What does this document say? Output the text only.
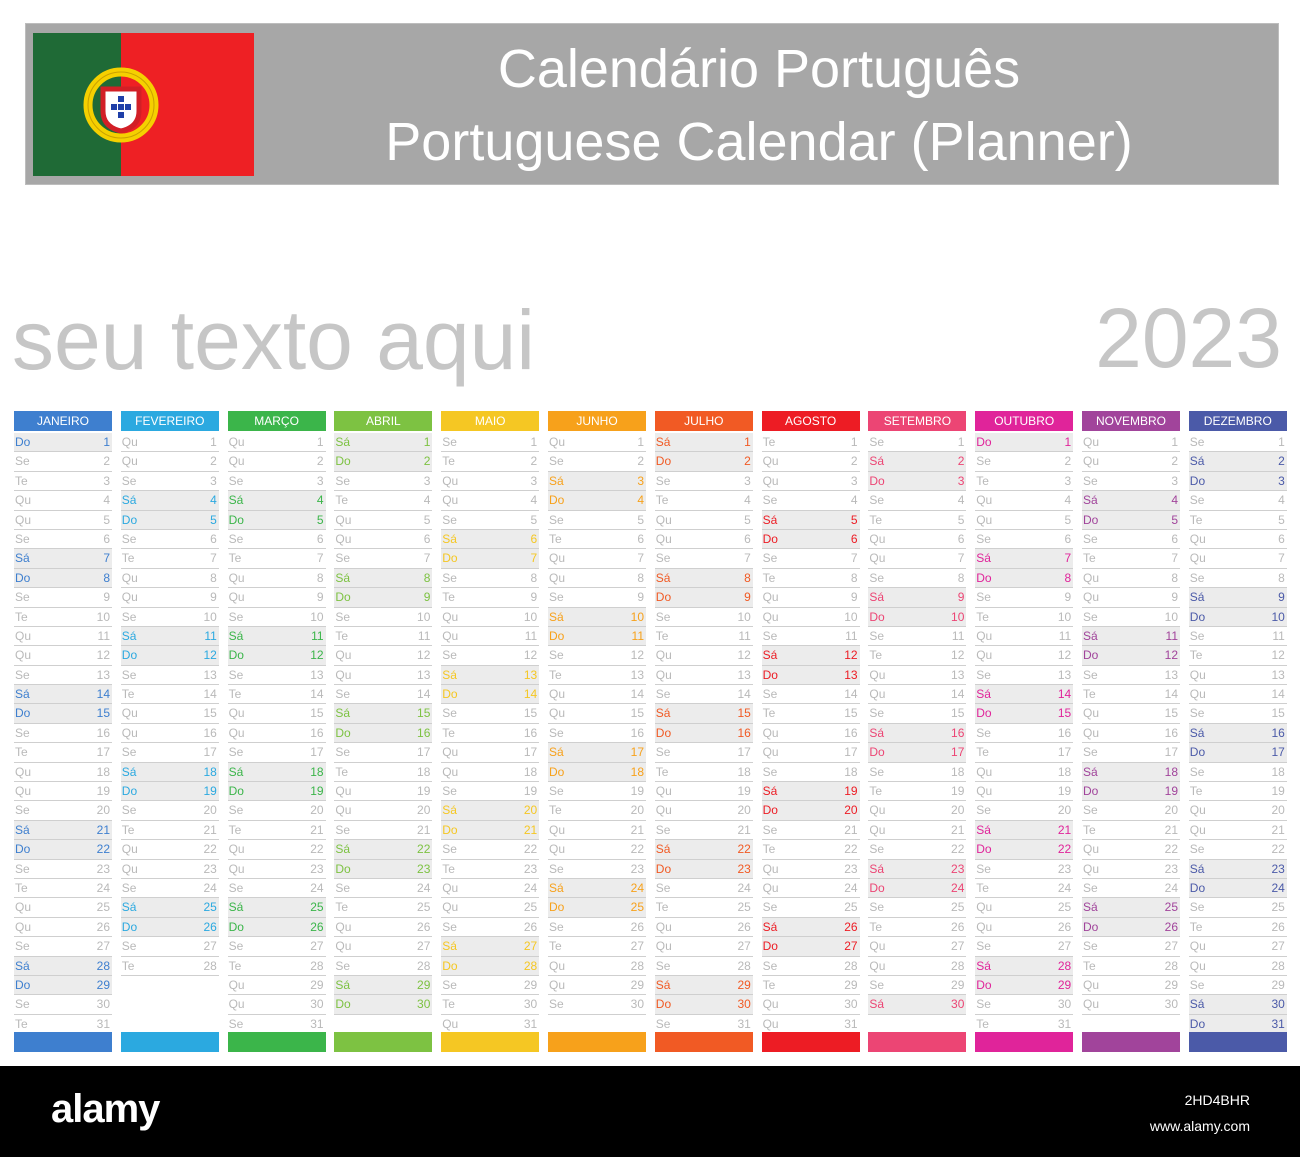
Calendário Português
Portuguese Calendar (Planner)
seu texto aqui	2023
JANEIRO
Do	1
Se	2
Te	3
Qu	4
Qu	5
Se	6
Sá	7
Do	8
Se	9
Te	10
Qu	11
Qu	12
Se	13
Sá	14
Do	15
Se	16
Te	17
Qu	18
Qu	19
Se	20
Sá	21
Do	22
Se	23
Te	24
Qu	25
Qu	26
Se	27
Sá	28
Do	29
Se	30
Te	31
FEVEREIRO
Qu	1
Qu	2
Se	3
Sá	4
Do	5
Se	6
Te	7
Qu	8
Qu	9
Se	10
Sá	11
Do	12
Se	13
Te	14
Qu	15
Qu	16
Se	17
Sá	18
Do	19
Se	20
Te	21
Qu	22
Qu	23
Se	24
Sá	25
Do	26
Se	27
Te	28
MARÇO
Qu	1
Qu	2
Se	3
Sá	4
Do	5
Se	6
Te	7
Qu	8
Qu	9
Se	10
Sá	11
Do	12
Se	13
Te	14
Qu	15
Qu	16
Se	17
Sá	18
Do	19
Se	20
Te	21
Qu	22
Qu	23
Se	24
Sá	25
Do	26
Se	27
Te	28
Qu	29
Qu	30
Se	31
ABRIL
Sá	1
Do	2
Se	3
Te	4
Qu	5
Qu	6
Se	7
Sá	8
Do	9
Se	10
Te	11
Qu	12
Qu	13
Se	14
Sá	15
Do	16
Se	17
Te	18
Qu	19
Qu	20
Se	21
Sá	22
Do	23
Se	24
Te	25
Qu	26
Qu	27
Se	28
Sá	29
Do	30
MAIO
Se	1
Te	2
Qu	3
Qu	4
Se	5
Sá	6
Do	7
Se	8
Te	9
Qu	10
Qu	11
Se	12
Sá	13
Do	14
Se	15
Te	16
Qu	17
Qu	18
Se	19
Sá	20
Do	21
Se	22
Te	23
Qu	24
Qu	25
Se	26
Sá	27
Do	28
Se	29
Te	30
Qu	31
JUNHO
Qu	1
Se	2
Sá	3
Do	4
Se	5
Te	6
Qu	7
Qu	8
Se	9
Sá	10
Do	11
Se	12
Te	13
Qu	14
Qu	15
Se	16
Sá	17
Do	18
Se	19
Te	20
Qu	21
Qu	22
Se	23
Sá	24
Do	25
Se	26
Te	27
Qu	28
Qu	29
Se	30
JULHO
Sá	1
Do	2
Se	3
Te	4
Qu	5
Qu	6
Se	7
Sá	8
Do	9
Se	10
Te	11
Qu	12
Qu	13
Se	14
Sá	15
Do	16
Se	17
Te	18
Qu	19
Qu	20
Se	21
Sá	22
Do	23
Se	24
Te	25
Qu	26
Qu	27
Se	28
Sá	29
Do	30
Se	31
AGOSTO
Te	1
Qu	2
Qu	3
Se	4
Sá	5
Do	6
Se	7
Te	8
Qu	9
Qu	10
Se	11
Sá	12
Do	13
Se	14
Te	15
Qu	16
Qu	17
Se	18
Sá	19
Do	20
Se	21
Te	22
Qu	23
Qu	24
Se	25
Sá	26
Do	27
Se	28
Te	29
Qu	30
Qu	31
SETEMBRO
Se	1
Sá	2
Do	3
Se	4
Te	5
Qu	6
Qu	7
Se	8
Sá	9
Do	10
Se	11
Te	12
Qu	13
Qu	14
Se	15
Sá	16
Do	17
Se	18
Te	19
Qu	20
Qu	21
Se	22
Sá	23
Do	24
Se	25
Te	26
Qu	27
Qu	28
Se	29
Sá	30
OUTUBRO
Do	1
Se	2
Te	3
Qu	4
Qu	5
Se	6
Sá	7
Do	8
Se	9
Te	10
Qu	11
Qu	12
Se	13
Sá	14
Do	15
Se	16
Te	17
Qu	18
Qu	19
Se	20
Sá	21
Do	22
Se	23
Te	24
Qu	25
Qu	26
Se	27
Sá	28
Do	29
Se	30
Te	31
NOVEMBRO
Qu	1
Qu	2
Se	3
Sá	4
Do	5
Se	6
Te	7
Qu	8
Qu	9
Se	10
Sá	11
Do	12
Se	13
Te	14
Qu	15
Qu	16
Se	17
Sá	18
Do	19
Se	20
Te	21
Qu	22
Qu	23
Se	24
Sá	25
Do	26
Se	27
Te	28
Qu	29
Qu	30
DEZEMBRO
Se	1
Sá	2
Do	3
Se	4
Te	5
Qu	6
Qu	7
Se	8
Sá	9
Do	10
Se	11
Te	12
Qu	13
Qu	14
Se	15
Sá	16
Do	17
Se	18
Te	19
Qu	20
Qu	21
Se	22
Sá	23
Do	24
Se	25
Te	26
Qu	27
Qu	28
Se	29
Sá	30
Do	31
alamy	2HD4BHR
www.alamy.com
